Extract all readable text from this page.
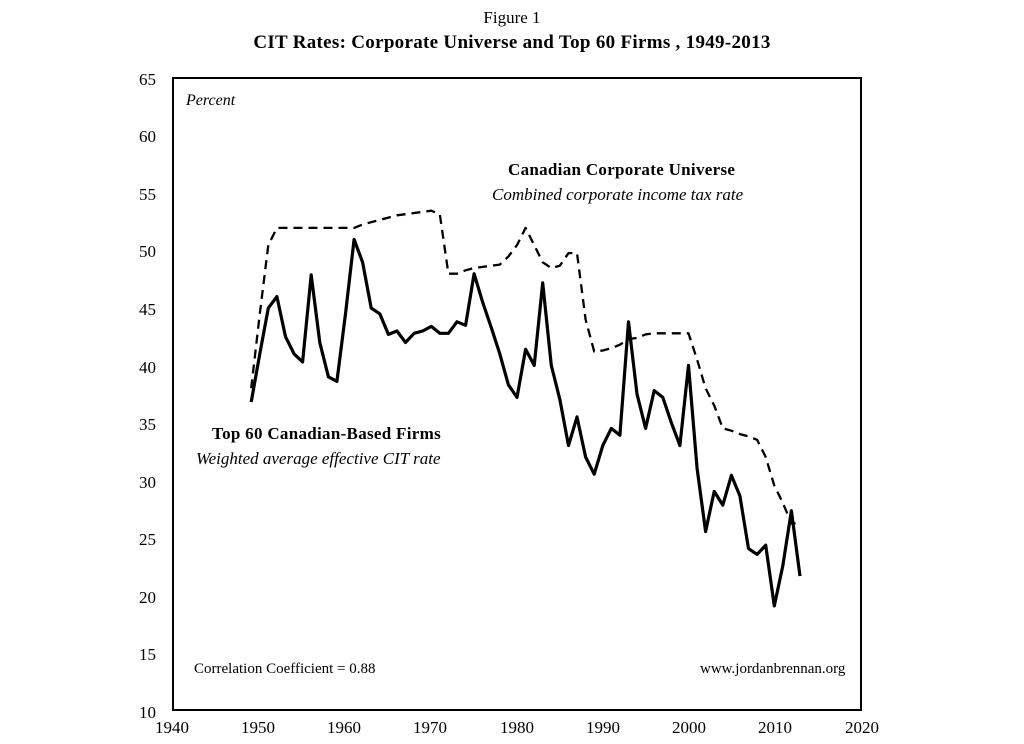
Figure 1
CIT Rates: Corporate Universe and Top 60 Firms , 1949-2013
65
60
55
50
45
40
35
30
25
20
15
10
1940	1950	1960	1970	1980	1990	2000	2010	2020
Percent
Canadian Corporate Universe
Combined corporate income tax rate
Top 60 Canadian-Based Firms
Weighted average effective CIT rate
Correlation Coefficient = 0.88	www.jordanbrennan.org
